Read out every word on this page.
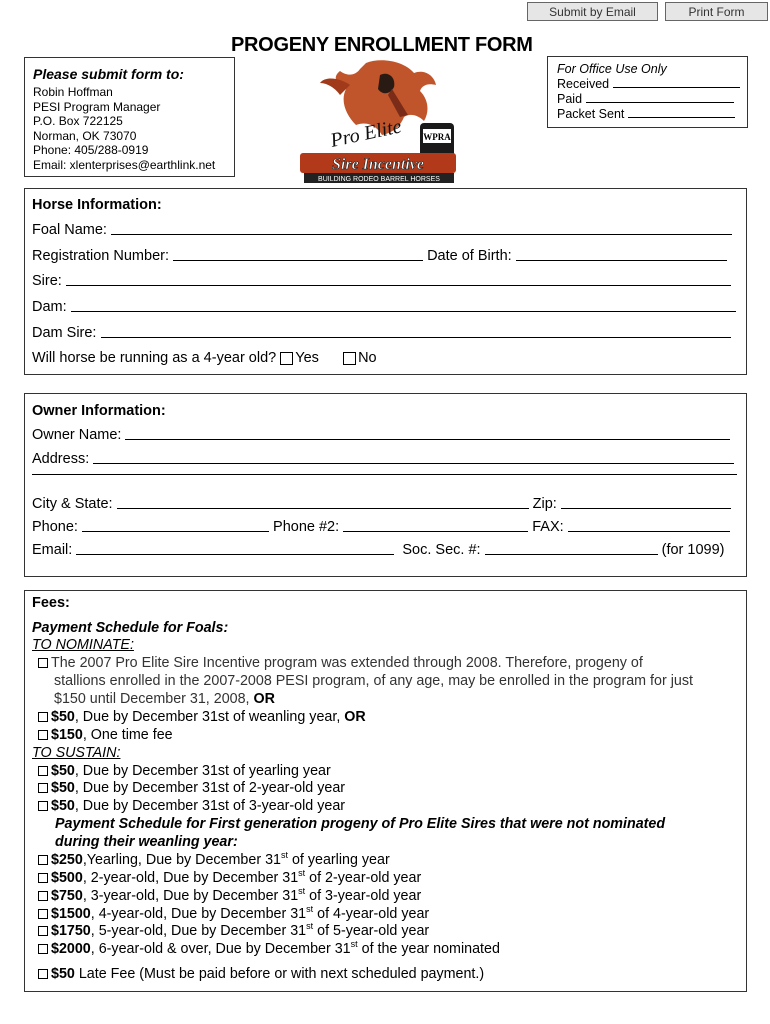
Submit by Email	Print Form
PROGENY ENROLLMENT FORM
Please submit form to:
Robin Hoffman
PESI Program Manager
P.O. Box 722125
Norman, OK 73070
Phone: 405/288-0919
Email: xlenterprises@earthlink.net
WPRA
Pro Elite
Sire Incentive
BUILDING RODEO BARREL HORSES
For Office Use Only
Received
Paid
Packet Sent
Horse Information:
Foal Name:

Registration Number:

	Date of Birth:

Sire:

Dam:

Dam Sire:

Will horse be running as a 4-year old?
Yes
	No
Owner Information:
Owner Name:

Address:

City & State:

	Zip:

Phone:

	Phone #2:

	FAX:

Email:

	Soc. Sec. #:

	(for 1099)
Fees:
Payment Schedule for Foals:
TO NOMINATE:
The 2007 Pro Elite Sire Incentive program was extended through 2008. Therefore, progeny of
stallions enrolled in the 2007-2008 PESI program, of any age, may be enrolled in the program for just
$150 until December 31, 2008, OR
$50, Due by December 31st of weanling year, OR
$150, One time fee
TO SUSTAIN:
$50, Due by December 31st of yearling year
$50, Due by December 31st of 2-year-old year
$50, Due by December 31st of 3-year-old year
Payment Schedule for First generation progeny of Pro Elite Sires that were not nominated
during their weanling year:
$250,Yearling, Due by December 31st of yearling year
$500, 2-year-old, Due by December 31st of 2-year-old year
$750, 3-year-old, Due by December 31st of 3-year-old year
$1500, 4-year-old, Due by December 31st of 4-year-old year
$1750, 5-year-old, Due by December 31st of 5-year-old year
$2000, 6-year-old & over, Due by December 31st of the year nominated
$50 Late Fee (Must be paid before or with next scheduled payment.)
